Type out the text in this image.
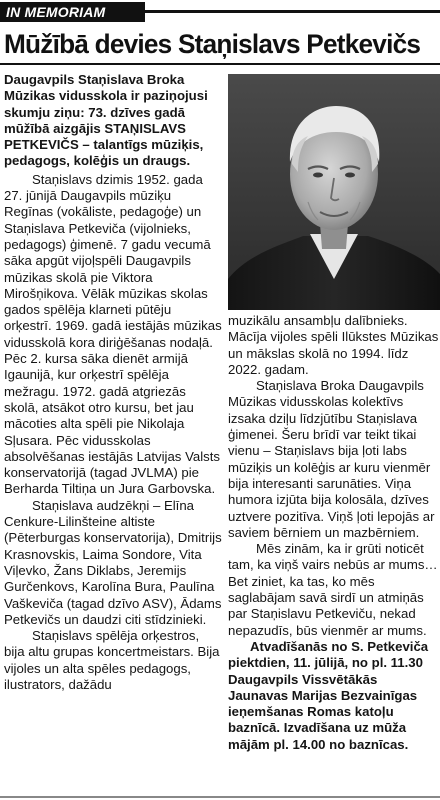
IN MEMORIAM
Mūžībā devies Staņislavs Petkevičs

Daugavpils Staņislava Broka Mūzikas vidusskola ir paziņojusi skumju ziņu: 73. dzīves gadā mūžībā aizgājis STAŅISLAVS PETKEVIČS – talantīgs mūziķis, pedagogs, kolēģis un draugs.

Staņislavs dzimis 1952. gada 27. jūnijā Daugavpils mūziķu Regīnas (vokāliste, pedagoģe) un Staņislava Petkeviča (vijolnieks, pedagogs) ģimenē. 7 gadu vecumā sāka apgūt vijoļspēli Daugavpils mūzikas skolā pie Viktora Mirošņikova. Vēlāk mūzikas skolas gados spēlēja klarneti pūtēju orķestrī. 1969. gadā iestājās mūzikas vidusskolā kora diriģēšanas nodaļā. Pēc 2. kursa sāka dienēt armijā Igaunijā, kur orķestrī spēlēja mežragu. 1972. gadā atgriezās skolā, atsākot otro kursu, bet jau mācoties alta spēli pie Nikolaja Sļusara. Pēc vidusskolas absolvēšanas iestājās Latvijas Valsts konservatorijā (tagad JVLMA) pie Berharda Tiltiņa un Jura Garbovska.

Staņislava audzēkņi – Elīna Cenkure-Lilinšteine altiste (Pēterburgas konservatorija), Dmitrijs Krasnovskis, Laima Sondore, Vita Viļevko, Žans Diklabs, Jeremijs Gurčenkovs, Karolīna Bura, Paulīna Vaškeviča (tagad dzīvo ASV), Ādams Petkevičs un daudzi citi stīdzinieki.

Staņislavs spēlēja orķestros, bija altu grupas koncertmeistars. Bija vijoles un alta spēles pedagogs, ilustrators, dažādu

muzikālu ansambļu dalībnieks. Mācīja vijoles spēli Ilūkstes Mūzikas un mākslas skolā no 1994. līdz 2022. gadam.

Staņislava Broka Daugavpils Mūzikas vidusskolas kolektīvs izsaka dziļu līdzjūtību Staņislava ģimenei. Šeru brīdī var teikt tikai vienu – Staņislavs bija ļoti labs mūziķis un kolēģis ar kuru vienmēr bija interesanti sarunāties. Viņa humora izjūta bija kolosāla, dzīves uztvere pozitīva. Viņš ļoti lepojās ar saviem bērniem un mazbērniem.

Mēs zinām, ka ir grūti noticēt tam, ka viņš vairs nebūs ar mums… Bet ziniet, ka tas, ko mēs saglabājam savā sirdī un atmiņās par Staņislavu Petkeviču, nekad nepazudīs, būs vienmēr ar mums.

Atvadīšanās no S. Petkeviča piektdien, 11. jūlijā, no pl. 11.30 Daugavpils Vissvētākās Jaunavas Marijas Bezvainīgas ieņemšanas Romas katoļu baznīcā. Izvadīšana uz mūža mājām pl. 14.00 no baznīcas.
